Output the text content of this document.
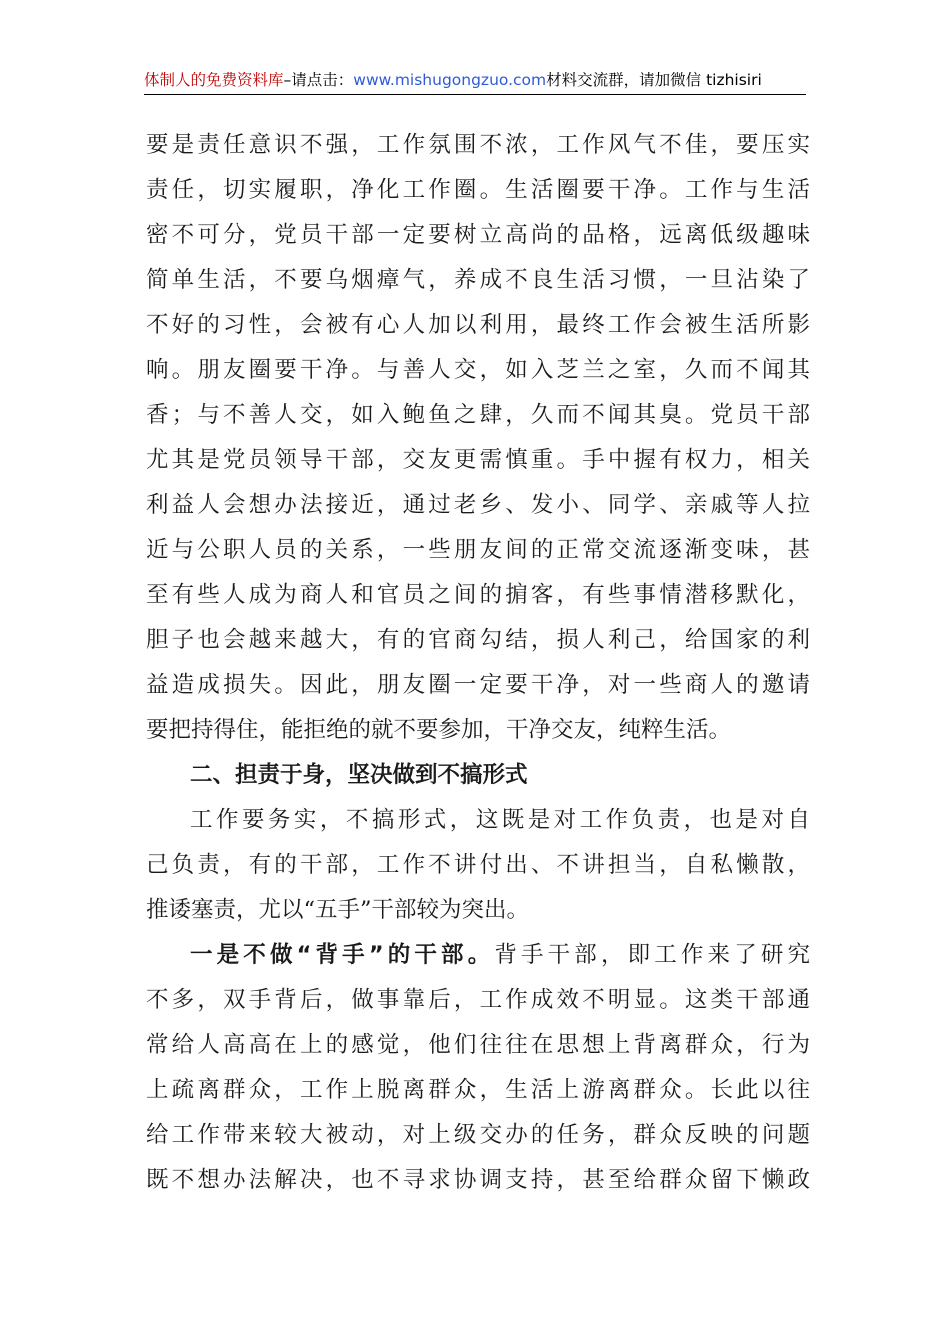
体制人的免费资料库–请点击：www.mishugongzuo.com材料交流群，请加微信 tizhisiri
要是责任意识不强，工作氛围不浓，工作风气不佳，要压实
责任，切实履职，净化工作圈。生活圈要干净。工作与生活
密不可分，党员干部一定要树立高尚的品格，远离低级趣味
简单生活，不要乌烟瘴气，养成不良生活习惯，一旦沾染了
不好的习性，会被有心人加以利用，最终工作会被生活所影
响。朋友圈要干净。与善人交，如入芝兰之室，久而不闻其
香；与不善人交，如入鲍鱼之肆，久而不闻其臭。党员干部
尤其是党员领导干部，交友更需慎重。手中握有权力，相关
利益人会想办法接近，通过老乡、发小、同学、亲戚等人拉
近与公职人员的关系，一些朋友间的正常交流逐渐变味，甚
至有些人成为商人和官员之间的掮客，有些事情潜移默化，
胆子也会越来越大，有的官商勾结，损人利己，给国家的利
益造成损失。因此，朋友圈一定要干净，对一些商人的邀请
要把持得住，能拒绝的就不要参加，干净交友，纯粹生活。
二、担责于身，坚决做到不搞形式
工作要务实，不搞形式，这既是对工作负责，也是对自
己负责，有的干部，工作不讲付出、不讲担当，自私懒散，
推诿塞责，尤以“五手”干部较为突出。
一是不做“背手”的干部。背手干部，即工作来了研究
不多，双手背后，做事靠后，工作成效不明显。这类干部通
常给人高高在上的感觉，他们往往在思想上背离群众，行为
上疏离群众，工作上脱离群众，生活上游离群众。长此以往
给工作带来较大被动，对上级交办的任务，群众反映的问题
既不想办法解决，也不寻求协调支持，甚至给群众留下懒政
